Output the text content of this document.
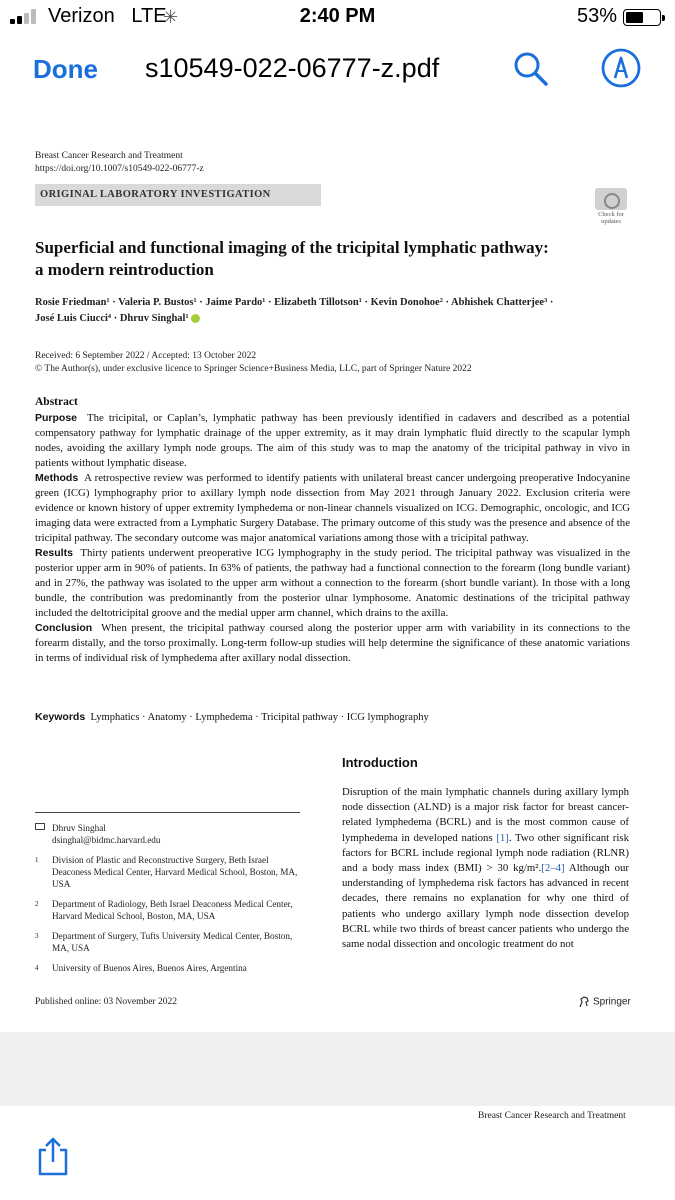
Verizon LTE
✳	2:40 PM	53%
Done s10549-022-06777-z.pdf
Breast Cancer Research and Treatment
https://doi.org/10.1007/s10549-022-06777-z
ORIGINAL LABORATORY INVESTIGATION
Check for updates
Superficial and functional imaging of the tricipital lymphatic pathway:
a modern reintroduction
Rosie Friedman¹ · Valeria P. Bustos¹ · Jaime Pardo¹ · Elizabeth Tillotson¹ · Kevin Donohoe² · Abhishek Chatterjee³ ·
José Luis Ciucci⁴ · Dhruv Singhal¹
Received: 6 September 2022 / Accepted: 13 October 2022
© The Author(s), under exclusive licence to Springer Science+Business Media, LLC, part of Springer Nature 2022
Abstract
Purpose The tricipital, or Caplan’s, lymphatic pathway has been previously identified in cadavers and described as a potential compensatory pathway for lymphatic drainage of the upper extremity, as it may drain lymphatic fluid directly to the scapular lymph nodes, avoiding the axillary lymph node groups. The aim of this study was to map the anatomy of the tricipital pathway in vivo in patients without lymphatic disease.
Methods A retrospective review was performed to identify patients with unilateral breast cancer undergoing preoperative Indocyanine green (ICG) lymphography prior to axillary lymph node dissection from May 2021 through January 2022. Exclusion criteria were evidence or known history of upper extremity lymphedema or non-linear channels visualized on ICG. Demographic, oncologic, and ICG imaging data were extracted from a Lymphatic Surgery Database. The primary outcome of this study was the presence and absence of the tricipital pathway. The secondary outcome was major anatomical variations among those with a tricipital pathway.
Results Thirty patients underwent preoperative ICG lymphography in the study period. The tricipital pathway was visualized in the posterior upper arm in 90% of patients. In 63% of patients, the pathway had a functional connection to the forearm (long bundle variant) and in 27%, the pathway was isolated to the upper arm without a connection to the forearm (short bundle variant). In those with a long bundle, the contribution was predominantly from the posterior ulnar lymphosome. Anatomic destinations of the tricipital pathway included the deltotricipital groove and the medial upper arm channel, which drains to the axilla.
Conclusion When present, the tricipital pathway coursed along the posterior upper arm with variability in its connections to the forearm distally, and the torso proximally. Long-term follow-up studies will help determine the significance of these anatomic variations in terms of individual risk of lymphedema after axillary nodal dissection.
Keywords Lymphatics · Anatomy · Lymphedema · Tricipital pathway · ICG lymphography
Introduction
Disruption of the main lymphatic channels during axillary lymph node dissection (ALND) is a major risk factor for breast cancer-related lymphedema (BCRL) and is the most common cause of lymphedema in developed nations [1]. Two other significant risk factors for BCRL include regional lymph node radiation (RLNR) and a body mass index (BMI) > 30 kg/m².[2–4] Although our understanding of lymphedema risk factors has advanced in recent decades, there remains no explanation for why one third of patients who undergo axillary lymph node dissection develop BCRL while two thirds of breast cancer patients who undergo the same nodal dissection and oncologic treatment do not
Dhruv Singhal
dsinghal@bidmc.harvard.edu
1 Division of Plastic and Reconstructive Surgery, Beth Israel Deaconess Medical Center, Harvard Medical School, Boston, MA, USA
2 Department of Radiology, Beth Israel Deaconess Medical Center, Harvard Medical School, Boston, MA, USA
3 Department of Surgery, Tufts University Medical Center, Boston, MA, USA
4 University of Buenos Aires, Buenos Aires, Argentina
Published online: 03 November 2022	Springer
Breast Cancer Research and Treatment
